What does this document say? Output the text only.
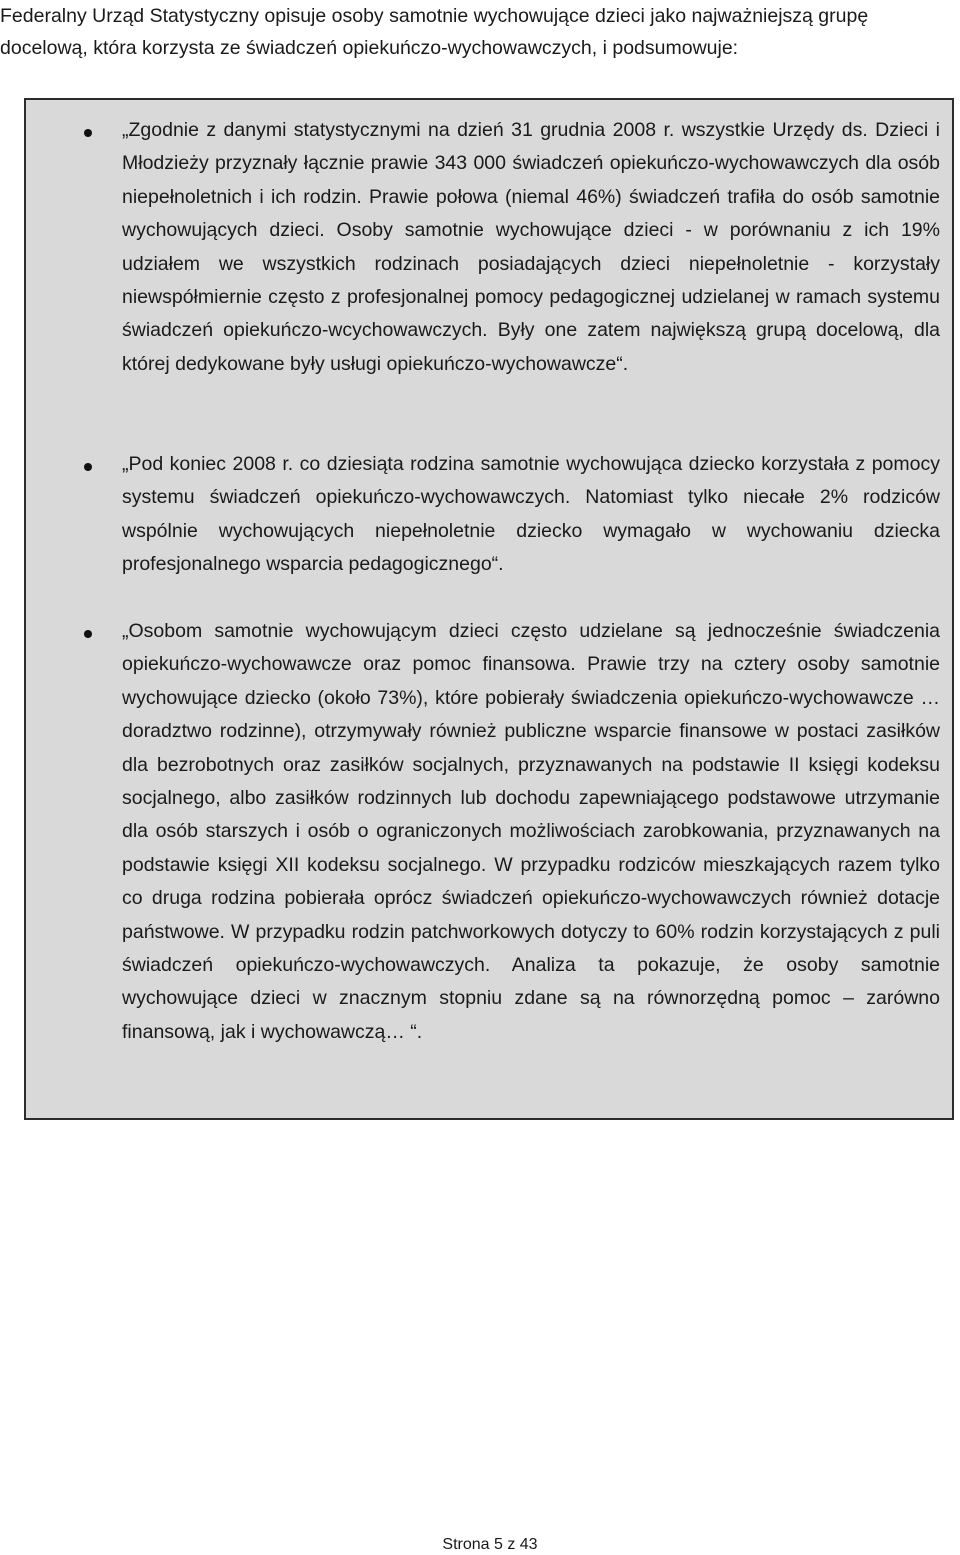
Federalny Urząd Statystyczny opisuje osoby samotnie wychowujące dzieci jako najważniejszą grupę
docelową, która korzysta ze świadczeń opiekuńczo-wychowawczych, i podsumowuje:

„Zgodnie z danymi statystycznymi na dzień 31 grudnia 2008 r. wszystkie Urzędy ds. Dzieci i Młodzieży przyznały łącznie prawie 343 000 świadczeń opiekuńczo-wychowawczych dla osób niepełnoletnich i ich rodzin. Prawie połowa (niemal 46%) świadczeń trafiła do osób samotnie wychowujących dzieci. Osoby samotnie wychowujące dzieci - w porównaniu z ich 19% udziałem we wszystkich rodzinach posiadających dzieci niepełnoletnie - korzystały niewspółmiernie często z profesjonalnej pomocy pedagogicznej udzielanej w ramach systemu świadczeń opiekuńczo-wcychowawczych. Były one zatem największą grupą docelową, dla której dedykowane były usługi opiekuńczo-wychowawcze“.

„Pod koniec 2008 r. co dziesiąta rodzina samotnie wychowująca dziecko korzystała z pomocy systemu świadczeń opiekuńczo-wychowawczych. Natomiast tylko niecałe 2% rodziców wspólnie wychowujących niepełnoletnie dziecko wymagało w wychowaniu dziecka profesjonalnego wsparcia pedagogicznego“.

„Osobom samotnie wychowującym dzieci często udzielane są jednocześnie świadczenia opiekuńczo-wychowawcze oraz pomoc finansowa. Prawie trzy na cztery osoby samotnie wychowujące dziecko (około 73%), które pobierały świadczenia opiekuńczo-wychowawcze … doradztwo rodzinne), otrzymywały również publiczne wsparcie finansowe w postaci zasiłków dla bezrobotnych oraz zasiłków socjalnych, przyznawanych na podstawie II księgi kodeksu socjalnego, albo zasiłków rodzinnych lub dochodu zapewniającego podstawowe utrzymanie dla osób starszych i osób o ograniczonych możliwościach zarobkowania, przyznawanych na podstawie księgi XII kodeksu socjalnego. W przypadku rodziców mieszkających razem tylko co druga rodzina pobierała oprócz świadczeń opiekuńczo-wychowawczych również dotacje państwowe. W przypadku rodzin patchworkowych dotyczy to 60% rodzin korzystających z puli świadczeń opiekuńczo-wychowawczych. Analiza ta pokazuje, że osoby samotnie wychowujące dzieci w znacznym stopniu zdane są na równorzędną pomoc – zarówno finansową, jak i wychowawczą… “.

Strona 5 z 43
